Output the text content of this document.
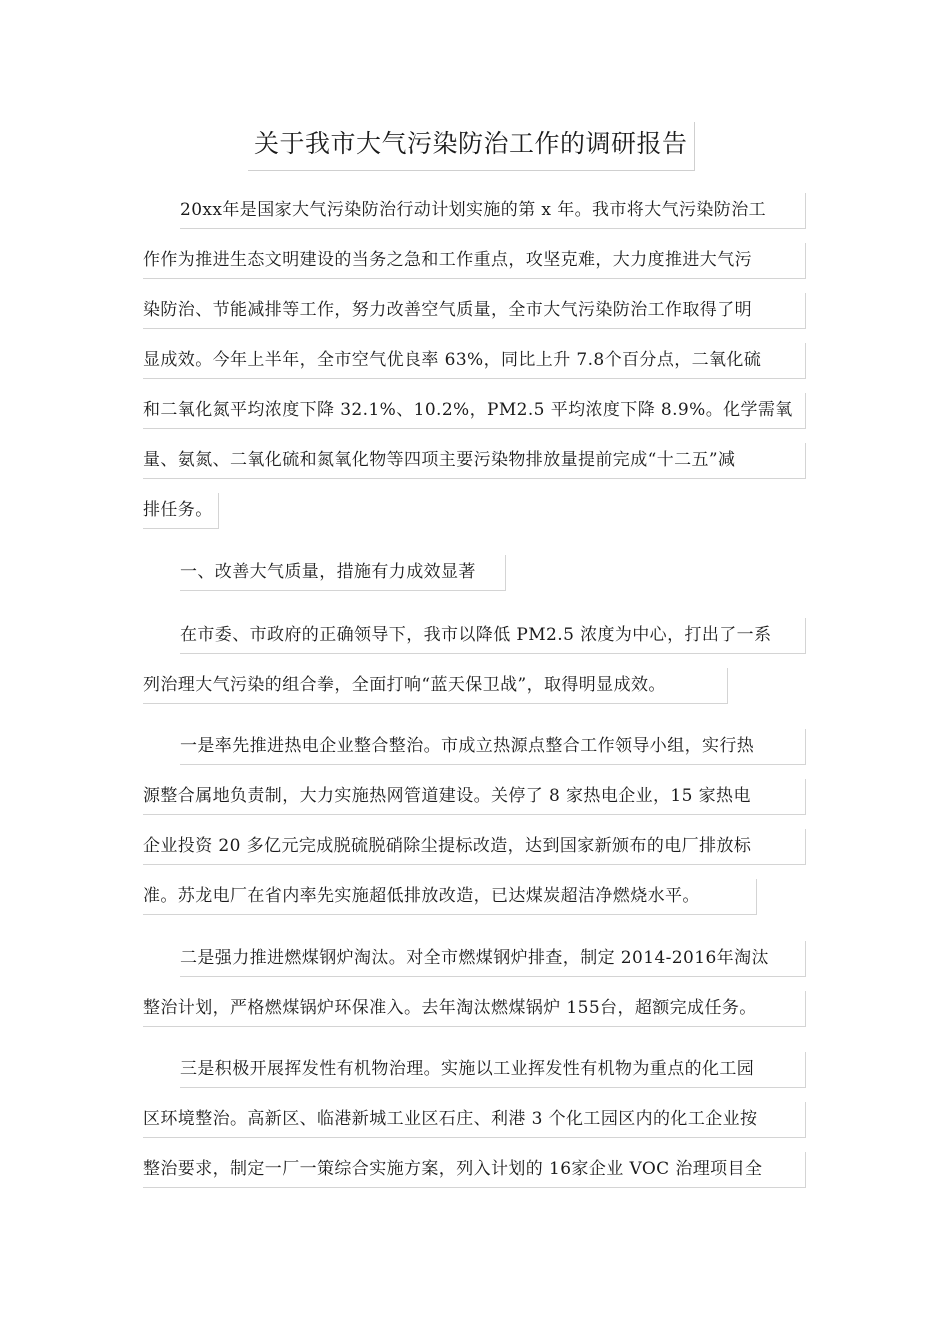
关于我市大气污染防治工作的调研报告
20xx年是国家大气污染防治行动计划实施的第 x 年。我市将大气污染防治工
作作为推进生态文明建设的当务之急和工作重点，攻坚克难，大力度推进大气污
染防治、节能减排等工作，努力改善空气质量，全市大气污染防治工作取得了明
显成效。今年上半年，全市空气优良率 63%，同比上升 7.8个百分点，二氧化硫
和二氧化氮平均浓度下降 32.1%、10.2%，PM2.5 平均浓度下降 8.9%。化学需氧
量、氨氮、二氧化硫和氮氧化物等四项主要污染物排放量提前完成“十二五”减
排任务。
一、改善大气质量，措施有力成效显著
在市委、市政府的正确领导下，我市以降低 PM2.5 浓度为中心，打出了一系
列治理大气污染的组合拳，全面打响“蓝天保卫战”，取得明显成效。
一是率先推进热电企业整合整治。市成立热源点整合工作领导小组，实行热
源整合属地负责制，大力实施热网管道建设。关停了 8 家热电企业，15 家热电
企业投资 20 多亿元完成脱硫脱硝除尘提标改造，达到国家新颁布的电厂排放标
准。苏龙电厂在省内率先实施超低排放改造，已达煤炭超洁净燃烧水平。
二是强力推进燃煤钢炉淘汰。对全市燃煤钢炉排查，制定 2014-2016年淘汰
整治计划，严格燃煤锅炉环保准入。去年淘汰燃煤锅炉 155台，超额完成任务。
三是积极开展挥发性有机物治理。实施以工业挥发性有机物为重点的化工园
区环境整治。高新区、临港新城工业区石庄、利港 3 个化工园区内的化工企业按
整治要求，制定一厂一策综合实施方案，列入计划的 16家企业 VOC 治理项目全
